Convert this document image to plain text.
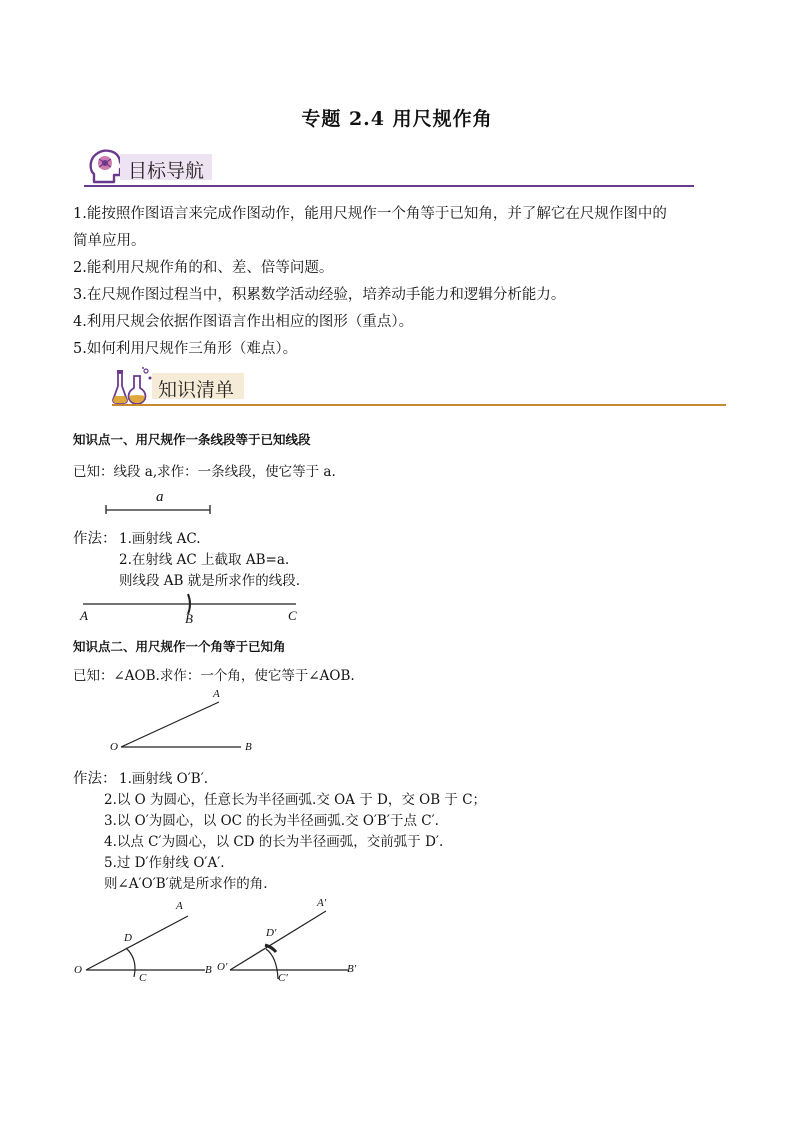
专题 2.4 用尺规作角
目标导航

1.能按照作图语言来完成作图动作，能用尺规作一个角等于已知角，并了解它在尺规作图中的

简单应用。

2.能利用尺规作角的和、差、倍等问题。

3.在尺规作图过程当中，积累数学活动经验，培养动手能力和逻辑分析能力。

4.利用尺规会依据作图语言作出相应的图形（重点）。

5.如何利用尺规作三角形（难点）。

知识清单
知识点一、用尺规作一条线段等于已知线段
已知：线段 a,求作：一条线段，使它等于 a.
a
作法： 1.画射线 AC.
2.在射线 AC 上截取 AB=a.
则线段 AB 就是所求作的线段.
A	B	C
知识点二、用尺规作一个角等于已知角
已知：∠AOB.求作：一个角，使它等于∠AOB.
A
O	B
作法： 1.画射线 O′B′.
2.以 O 为圆心，任意长为半径画弧.交 OA 于 D，交 OB 于 C；
3.以 O′为圆心，以 OC 的长为半径画弧.交 O′B′于点 C′.
4.以点 C′为圆心，以 CD 的长为半径画弧，交前弧于 D′.
5.过 D′作射线 O′A′.
则∠A′O′B′就是所求作的角.
A
D
O
C
B
A′
D′
O′
C′
B′
